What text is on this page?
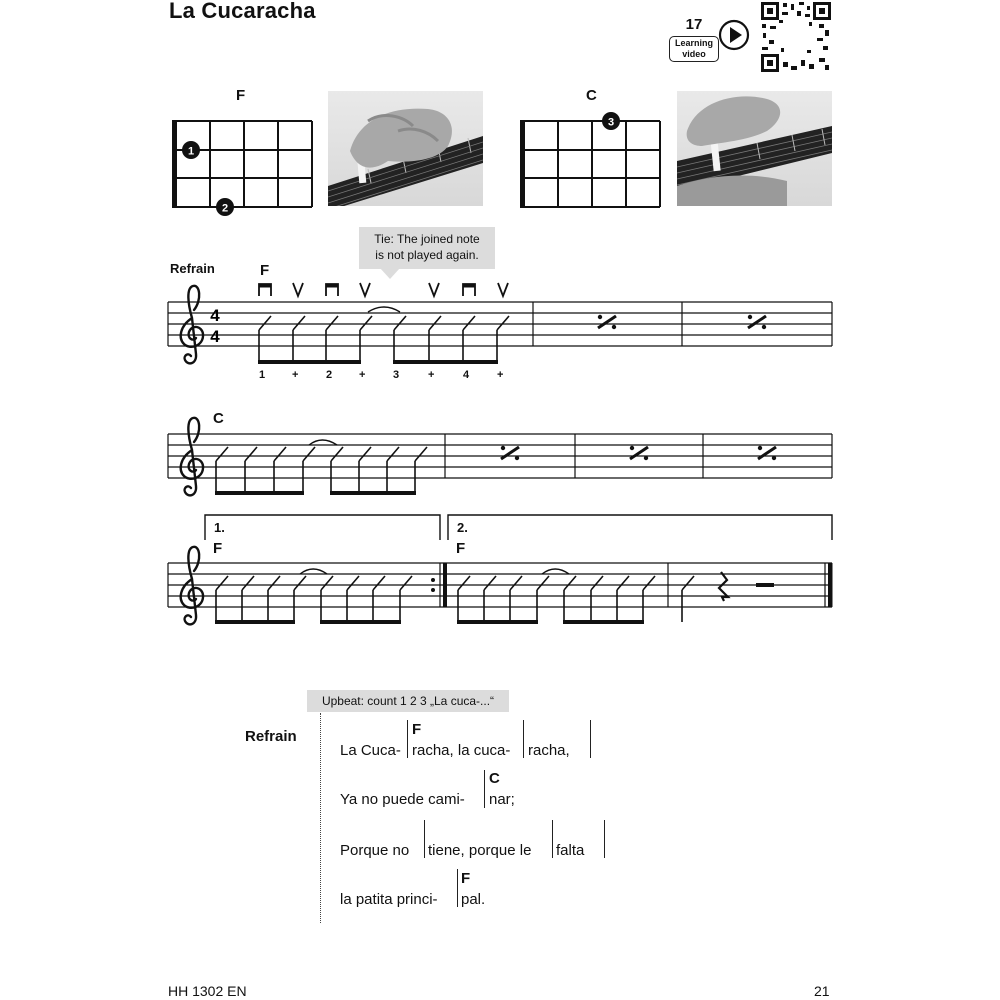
La Cucaracha
17
Learning
video
F
1
2
C
3
Tie: The joined note
is not played again.
Refrain	F
C
1.
F
2.
F
1 +	2 +	3	+	4	+
4
4
Upbeat: count 1 2 3 „La cuca-...“
Refrain
La Cuca-
F
racha, la cuca- racha,
Ya no puede cami-
C
nar;
Porque no tiene, porque le falta
la patita princi-
F
pal.
HH 1302 EN	21
